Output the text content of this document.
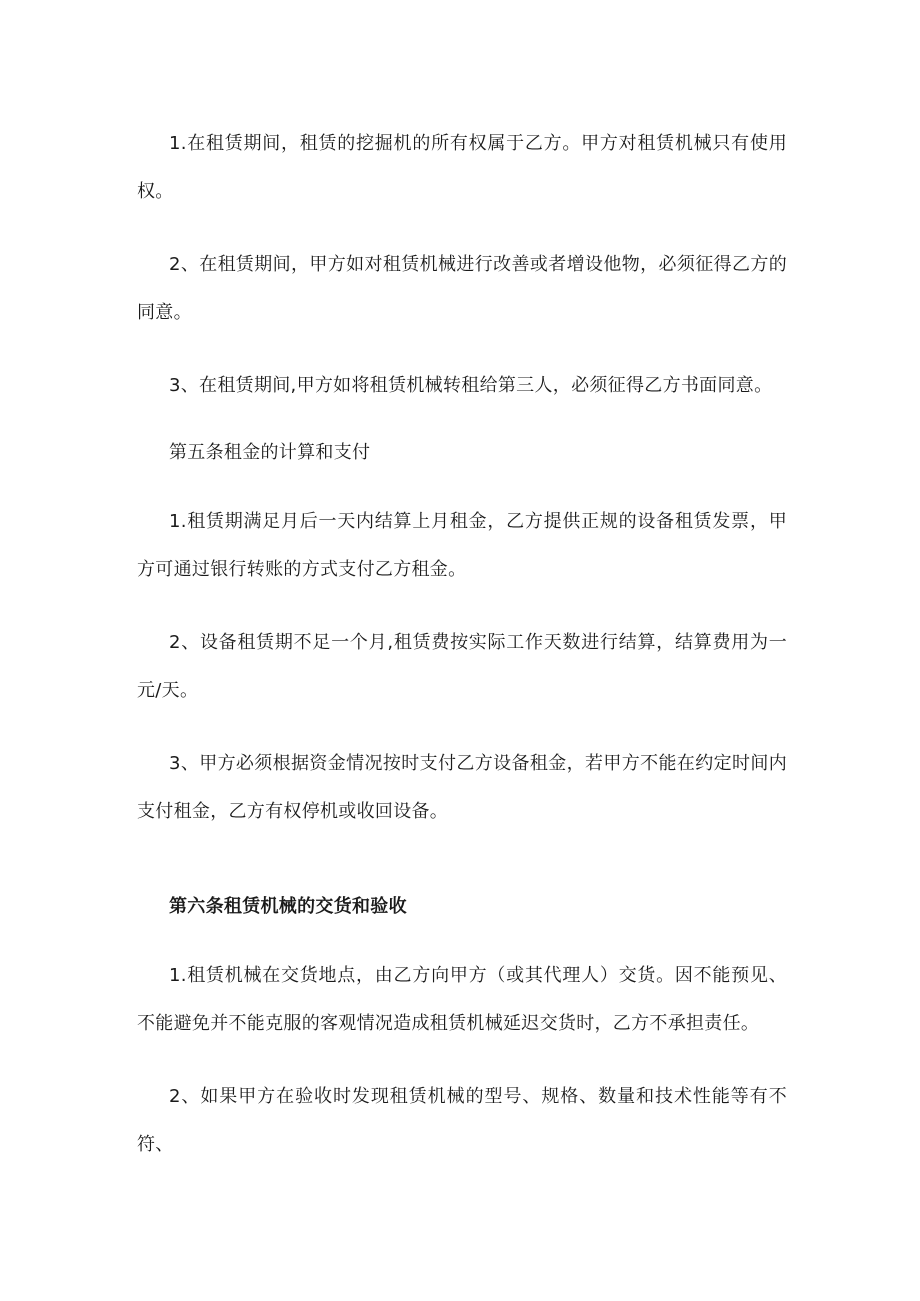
1.在租赁期间，租赁的挖掘机的所有权属于乙方。甲方对租赁机械只有使用权。

2、在租赁期间，甲方如对租赁机械进行改善或者增设他物，必须征得乙方的同意。

3、在租赁期间,甲方如将租赁机械转租给第三人，必须征得乙方书面同意。

第五条租金的计算和支付

1.租赁期满足月后一天内结算上月租金，乙方提供正规的设备租赁发票，甲方可通过银行转账的方式支付乙方租金。

2、设备租赁期不足一个月,租赁费按实际工作天数进行结算，结算费用为一元/天。

3、甲方必须根据资金情况按时支付乙方设备租金，若甲方不能在约定时间内支付租金，乙方有权停机或收回设备。

第六条租赁机械的交货和验收

1.租赁机械在交货地点，由乙方向甲方（或其代理人）交货。因不能预见、不能避免并不能克服的客观情况造成租赁机械延迟交货时，乙方不承担责任。

2、如果甲方在验收时发现租赁机械的型号、规格、数量和技术性能等有不符、
